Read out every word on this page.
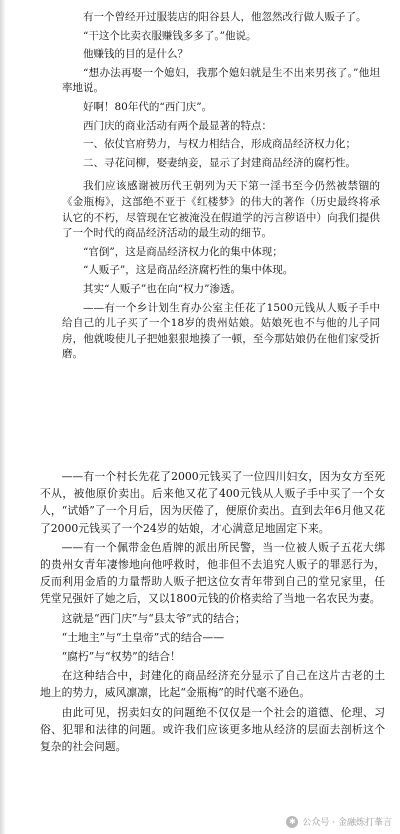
有一个曾经开过服装店的阳谷县人，他忽然改行做人贩子了。

“干这个比卖衣服赚钱多多了。”他说。

他赚钱的目的是什么？

“想办法再娶一个媳妇，我那个媳妇就是生不出来男孩了。”他坦率地说。

好啊！80年代的“西门庆”。

西门庆的商业活动有两个最显著的特点：

一、依仗官府势力，与权力相结合，形成商品经济权力化；

二、寻花问柳，娶妻纳妾，显示了封建商品经济的腐朽性。

我们应该感谢被历代王朝列为天下第一淫书至今仍然被禁锢的《金瓶梅》，这部绝不亚于《红楼梦》的伟大的著作（历史最终将承认它的不朽，尽管现在它被淹没在假道学的污言秽语中）向我们提供了一个时代的商品经济活动的最生动的细节。

“官倒”，这是商品经济权力化的集中体现；

“人贩子”，这是商品经济腐朽性的集中体现。

其实“人贩子”也在向“权力”渗透。

——有一个乡计划生育办公室主任花了1500元钱从人贩子手中给自己的儿子买了一个18岁的贵州姑娘。姑娘死也不与他的儿子同房，他就唆使儿子把她狠狠地揍了一顿，至今那姑娘仍在他们家受折磨。

——有一个村长先花了2000元钱买了一位四川妇女，因为女方至死不从，被他原价卖出。后来他又花了400元钱从人贩子手中买了一个女人，“试婚”了一个月后，因为厌倦了，便原价卖出。直到去年6月他又花了2000元钱买了一个24岁的姑娘，才心满意足地固定下来。

——有一个佩带金色盾牌的派出所民警，当一位被人贩子五花大绑的贵州女青年凄惨地向他呼救时，他非但不去追究人贩子的罪恶行为，反而利用金盾的力量帮助人贩子把这位女青年带到自己的堂兄家里，任凭堂兄强奸了她之后，又以1800元钱的价格卖给了当地一名农民为妻。

这就是“西门庆”与“县太爷”式的结合；

“土地主”与“土皇帝”式的结合——

“腐朽”与“权势”的结合！

在这种结合中，封建化的商品经济充分显示了自己在这片古老的土地上的势力，威风凛凛，比起“金瓶梅”的时代毫不逊色。

由此可见，拐卖妇女的问题绝不仅仅是一个社会的道德、伦理、习俗、犯罪和法律的问题。或许我们应该更多地从经济的层面去剖析这个复杂的社会问题。

✱ 公众号 · 金融炼打莑言
